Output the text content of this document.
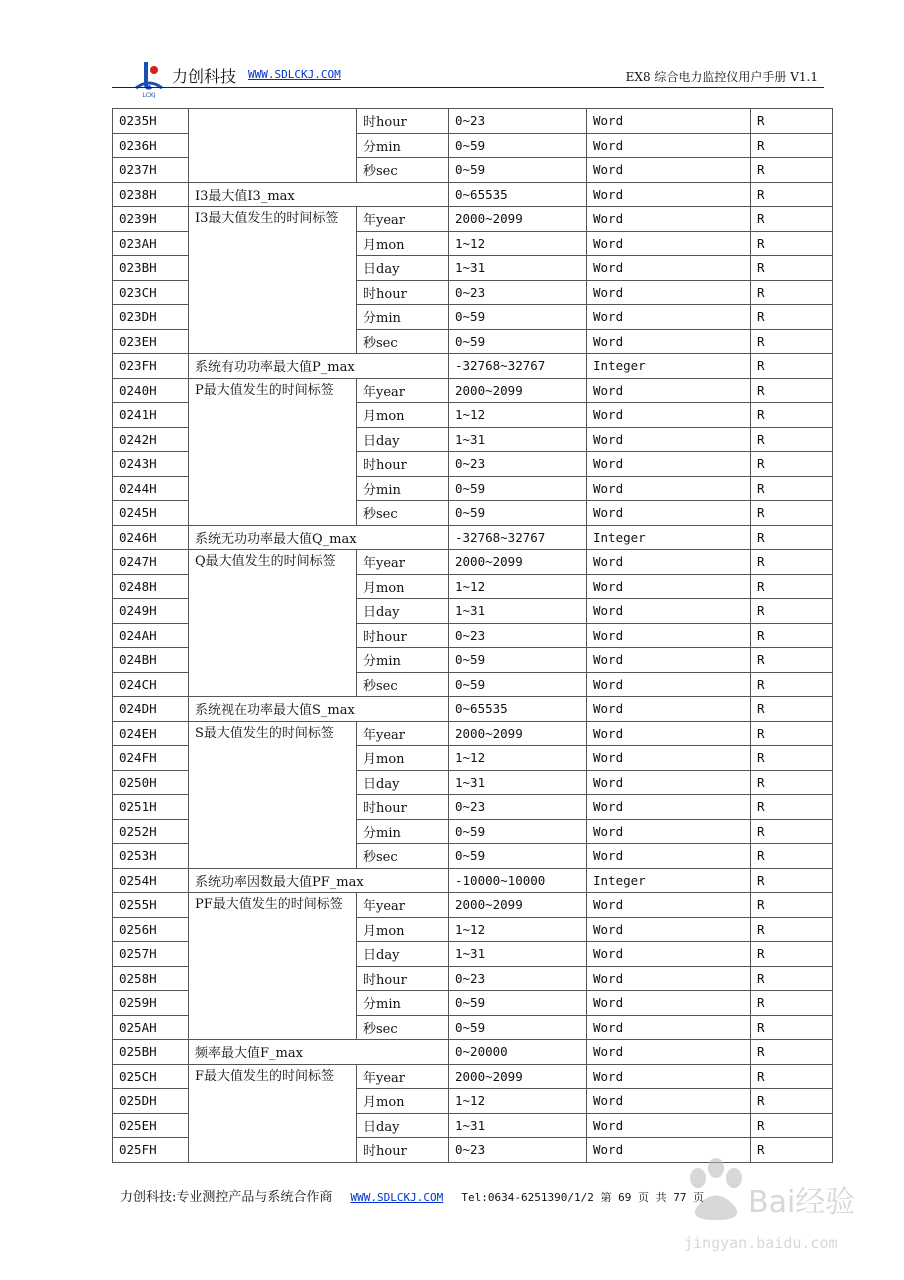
LCKJ
力创科技 WWW.SDLCKJ.COM	EX8 综合电力监控仪用户手册 V1.1
0235H		时hour	0~23	Word	R
0236H		分min	0~59	Word	R
0237H		秒sec	0~59	Word	R
0238H	I3最大值I3_max		0~65535	Word	R
0239H	I3最大值发生的时间标签	年year	2000~2099	Word	R
023AH		月mon	1~12	Word	R
023BH		日day	1~31	Word	R
023CH		时hour	0~23	Word	R
023DH		分min	0~59	Word	R
023EH		秒sec	0~59	Word	R
023FH	系统有功功率最大值P_max		-32768~32767	Integer	R
0240H	P最大值发生的时间标签	年year	2000~2099	Word	R
0241H		月mon	1~12	Word	R
0242H		日day	1~31	Word	R
0243H		时hour	0~23	Word	R
0244H		分min	0~59	Word	R
0245H		秒sec	0~59	Word	R
0246H	系统无功功率最大值Q_max		-32768~32767	Integer	R
0247H	Q最大值发生的时间标签	年year	2000~2099	Word	R
0248H		月mon	1~12	Word	R
0249H		日day	1~31	Word	R
024AH		时hour	0~23	Word	R
024BH		分min	0~59	Word	R
024CH		秒sec	0~59	Word	R
024DH	系统视在功率最大值S_max		0~65535	Word	R
024EH	S最大值发生的时间标签	年year	2000~2099	Word	R
024FH		月mon	1~12	Word	R
0250H		日day	1~31	Word	R
0251H		时hour	0~23	Word	R
0252H		分min	0~59	Word	R
0253H		秒sec	0~59	Word	R
0254H	系统功率因数最大值PF_max		-10000~10000	Integer	R
0255H	PF最大值发生的时间标签	年year	2000~2099	Word	R
0256H		月mon	1~12	Word	R
0257H		日day	1~31	Word	R
0258H		时hour	0~23	Word	R
0259H		分min	0~59	Word	R
025AH		秒sec	0~59	Word	R
025BH	频率最大值F_max		0~20000	Word	R
025CH	F最大值发生的时间标签	年year	2000~2099	Word	R
025DH		月mon	1~12	Word	R
025EH		日day	1~31	Word	R
025FH		时hour	0~23	Word	R
力创科技:专业测控产品与系统合作商 WWW.SDLCKJ.COM Tel:0634-6251390/1/2 第 69 页 共 77 页 Bai经验
jingyan.baidu.com
